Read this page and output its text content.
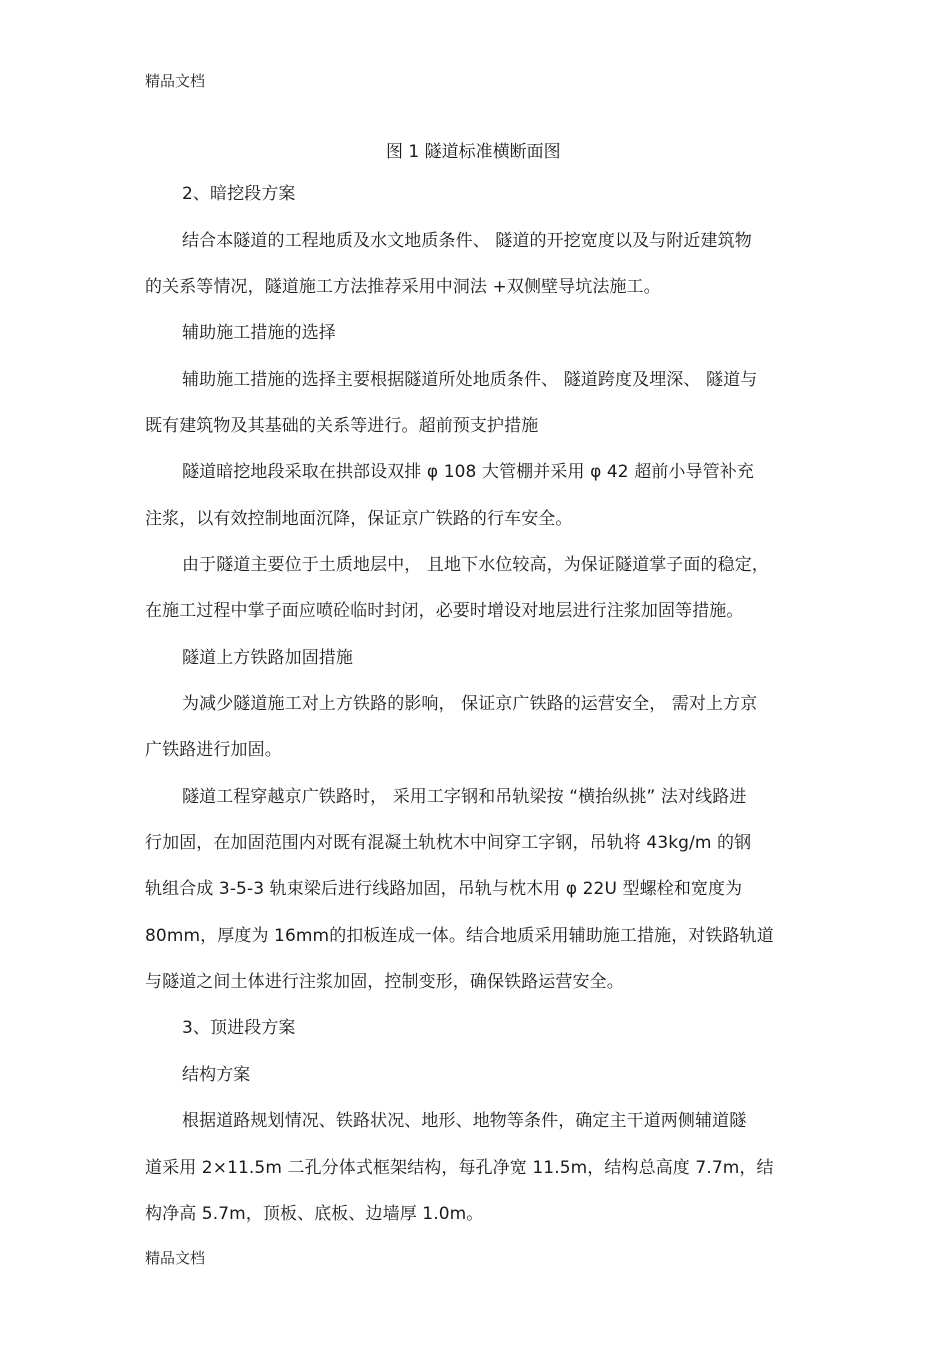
精品文档
图 1 隧道标准横断面图
2、暗挖段方案
结合本隧道的工程地质及水文地质条件、 隧道的开挖宽度以及与附近建筑物
的关系等情况，隧道施工方法推荐采用中洞法 +双侧壁导坑法施工。
辅助施工措施的选择
辅助施工措施的选择主要根据隧道所处地质条件、 隧道跨度及埋深、 隧道与
既有建筑物及其基础的关系等进行。超前预支护措施
隧道暗挖地段采取在拱部设双排 φ 108 大管棚并采用 φ 42 超前小导管补充
注浆，以有效控制地面沉降，保证京广铁路的行车安全。
由于隧道主要位于土质地层中， 且地下水位较高，为保证隧道掌子面的稳定，
在施工过程中掌子面应喷砼临时封闭，必要时增设对地层进行注浆加固等措施。
隧道上方铁路加固措施
为减少隧道施工对上方铁路的影响， 保证京广铁路的运营安全， 需对上方京
广铁路进行加固。
隧道工程穿越京广铁路时， 采用工字钢和吊轨梁按 “横抬纵挑” 法对线路进
行加固，在加固范围内对既有混凝土轨枕木中间穿工字钢，吊轨将 43kg/m 的钢
轨组合成 3-5-3 轨束梁后进行线路加固，吊轨与枕木用 φ 22U 型螺栓和宽度为
80mm，厚度为 16mm的扣板连成一体。结合地质采用辅助施工措施，对铁路轨道
与隧道之间土体进行注浆加固，控制变形，确保铁路运营安全。
3、顶进段方案
结构方案
根据道路规划情况、铁路状况、地形、地物等条件，确定主干道两侧辅道隧
道采用 2×11.5m 二孔分体式框架结构，每孔净宽 11.5m，结构总高度 7.7m，结
构净高 5.7m，顶板、底板、边墙厚 1.0m。
精品文档
